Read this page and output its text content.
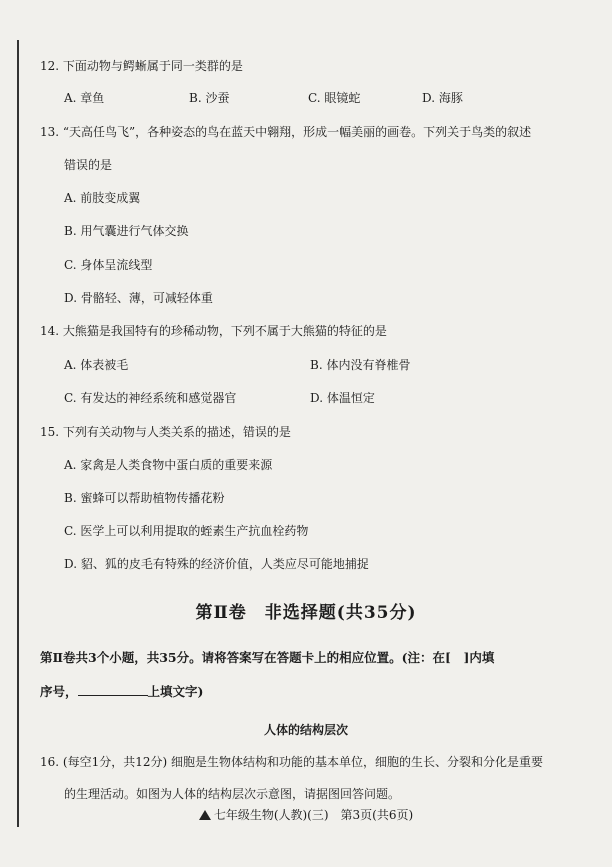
12. 下面动物与鳄蜥属于同一类群的是
A. 章鱼	B. 沙蚕	C. 眼镜蛇	D. 海豚
13. “天高任鸟飞”，各种姿态的鸟在蓝天中翱翔，形成一幅美丽的画卷。下列关于鸟类的叙述
错误的是
A. 前肢变成翼
B. 用气囊进行气体交换
C. 身体呈流线型
D. 骨骼轻、薄，可减轻体重
14. 大熊猫是我国特有的珍稀动物，下列不属于大熊猫的特征的是
A. 体表被毛	B. 体内没有脊椎骨
C. 有发达的神经系统和感觉器官	D. 体温恒定
15. 下列有关动物与人类关系的描述，错误的是
A. 家禽是人类食物中蛋白质的重要来源
B. 蜜蜂可以帮助植物传播花粉
C. 医学上可以利用提取的蛭素生产抗血栓药物
D. 貂、狐的皮毛有特殊的经济价值，人类应尽可能地捕捉
第Ⅱ卷　非选择题(共35分)
第Ⅱ卷共3个小题，共35分。请将答案写在答题卡上的相应位置。(注：在[　]内填
序号，	上填文字)
人体的结构层次
16. (每空1分，共12分) 细胞是生物体结构和功能的基本单位，细胞的生长、分裂和分化是重要
的生理活动。如图为人体的结构层次示意图，请据图回答问题。
七年级生物(人教)(三)　第3页(共6页)
